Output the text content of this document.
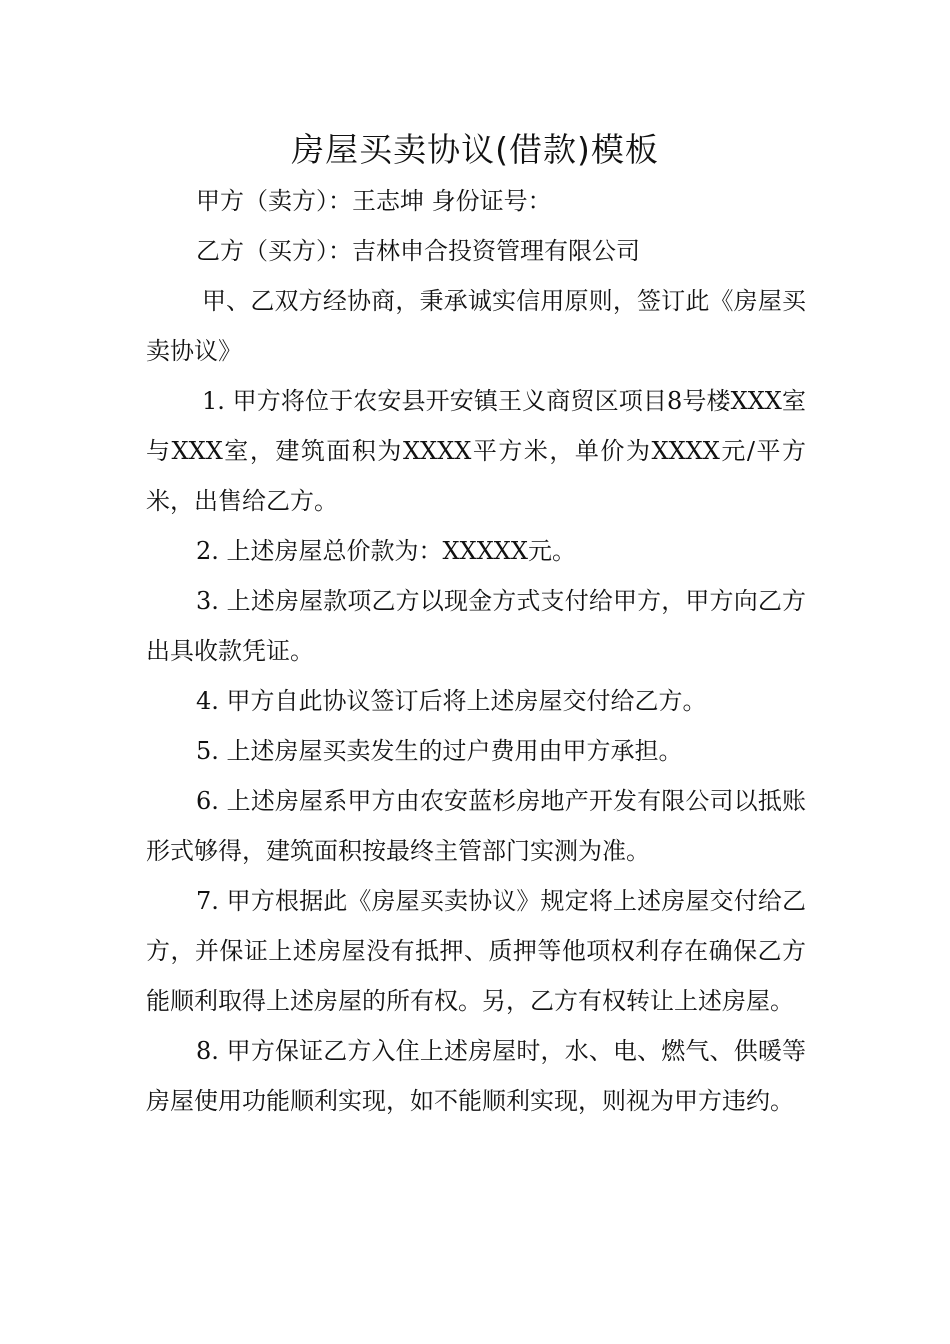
房屋买卖协议(借款)模板

甲方（卖方）：王志坤 身份证号：

乙方（买方）：吉林申合投资管理有限公司

甲、乙双方经协商，秉承诚实信用原则，签订此《房屋买卖协议》

1. 甲方将位于农安县开安镇王义商贸区项目8号楼XXX室与XXX室，建筑面积为XXXX平方米，单价为XXXX元/平方米，出售给乙方。

2. 上述房屋总价款为：XXXXX元。

3. 上述房屋款项乙方以现金方式支付给甲方，甲方向乙方出具收款凭证。

4. 甲方自此协议签订后将上述房屋交付给乙方。

5. 上述房屋买卖发生的过户费用由甲方承担。

6. 上述房屋系甲方由农安蓝杉房地产开发有限公司以抵账形式够得，建筑面积按最终主管部门实测为准。

7. 甲方根据此《房屋买卖协议》规定将上述房屋交付给乙方，并保证上述房屋没有抵押、质押等他项权利存在确保乙方能顺利取得上述房屋的所有权。另，乙方有权转让上述房屋。

8. 甲方保证乙方入住上述房屋时，水、电、燃气、供暖等房屋使用功能顺利实现，如不能顺利实现，则视为甲方违约。
